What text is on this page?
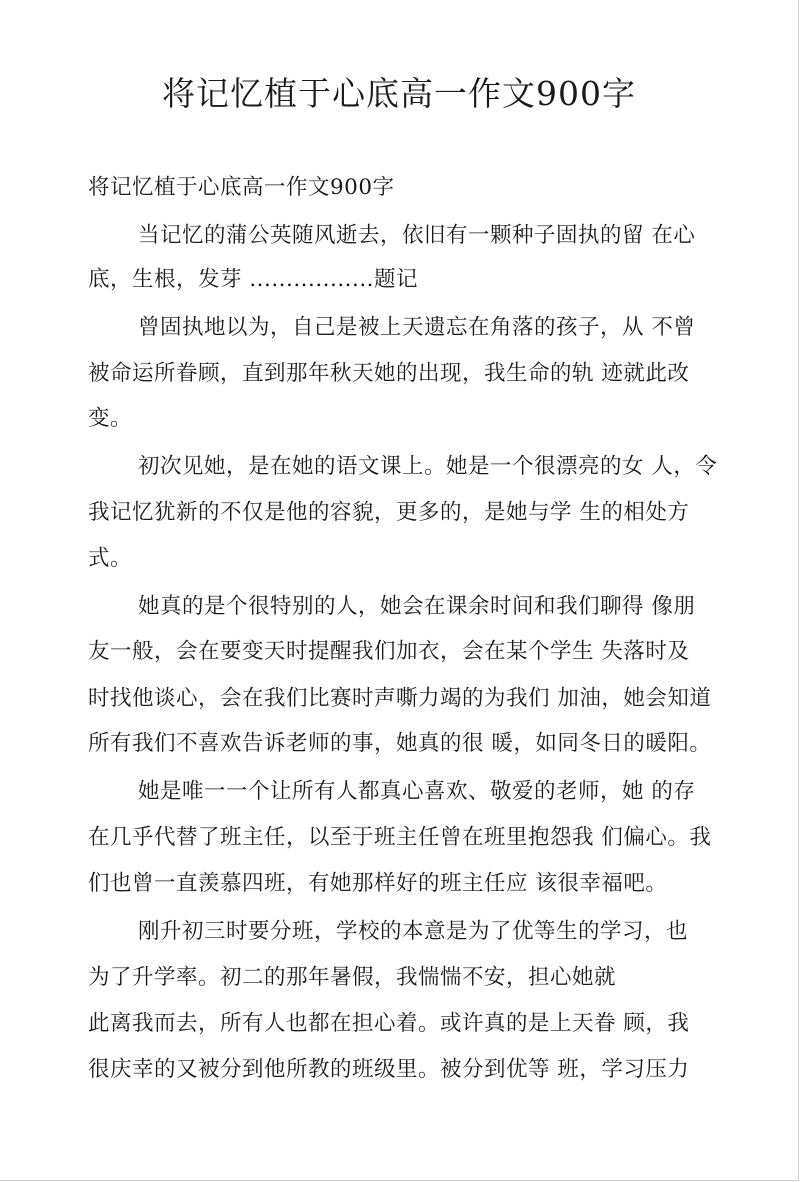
将记忆植于心底高一作文900字
将记忆植于心底高一作文900字
当记忆的蒲公英随风逝去，依旧有一颗种子固执的留 在心
底，生根，发芽 .................题记
曾固执地以为，自己是被上天遗忘在角落的孩子，从 不曾
被命运所眷顾，直到那年秋天她的出现，我生命的轨 迹就此改
变。
初次见她，是在她的语文课上。她是一个很漂亮的女 人，令
我记忆犹新的不仅是他的容貌，更多的，是她与学 生的相处方
式。
她真的是个很特别的人，她会在课余时间和我们聊得 像朋
友一般，会在要变天时提醒我们加衣，会在某个学生 失落时及
时找他谈心，会在我们比赛时声嘶力竭的为我们 加油，她会知道
所有我们不喜欢告诉老师的事，她真的很 暖，如同冬日的暖阳。
她是唯一一个让所有人都真心喜欢、敬爱的老师，她 的存
在几乎代替了班主任，以至于班主任曾在班里抱怨我 们偏心。我
们也曾一直羡慕四班，有她那样好的班主任应 该很幸福吧。
刚升初三时要分班，学校的本意是为了优等生的学习，也
为了升学率。初二的那年暑假，我惴惴不安，担心她就
此离我而去，所有人也都在担心着。或许真的是上天眷 顾，我
很庆幸的又被分到他所教的班级里。被分到优等 班，学习压力
